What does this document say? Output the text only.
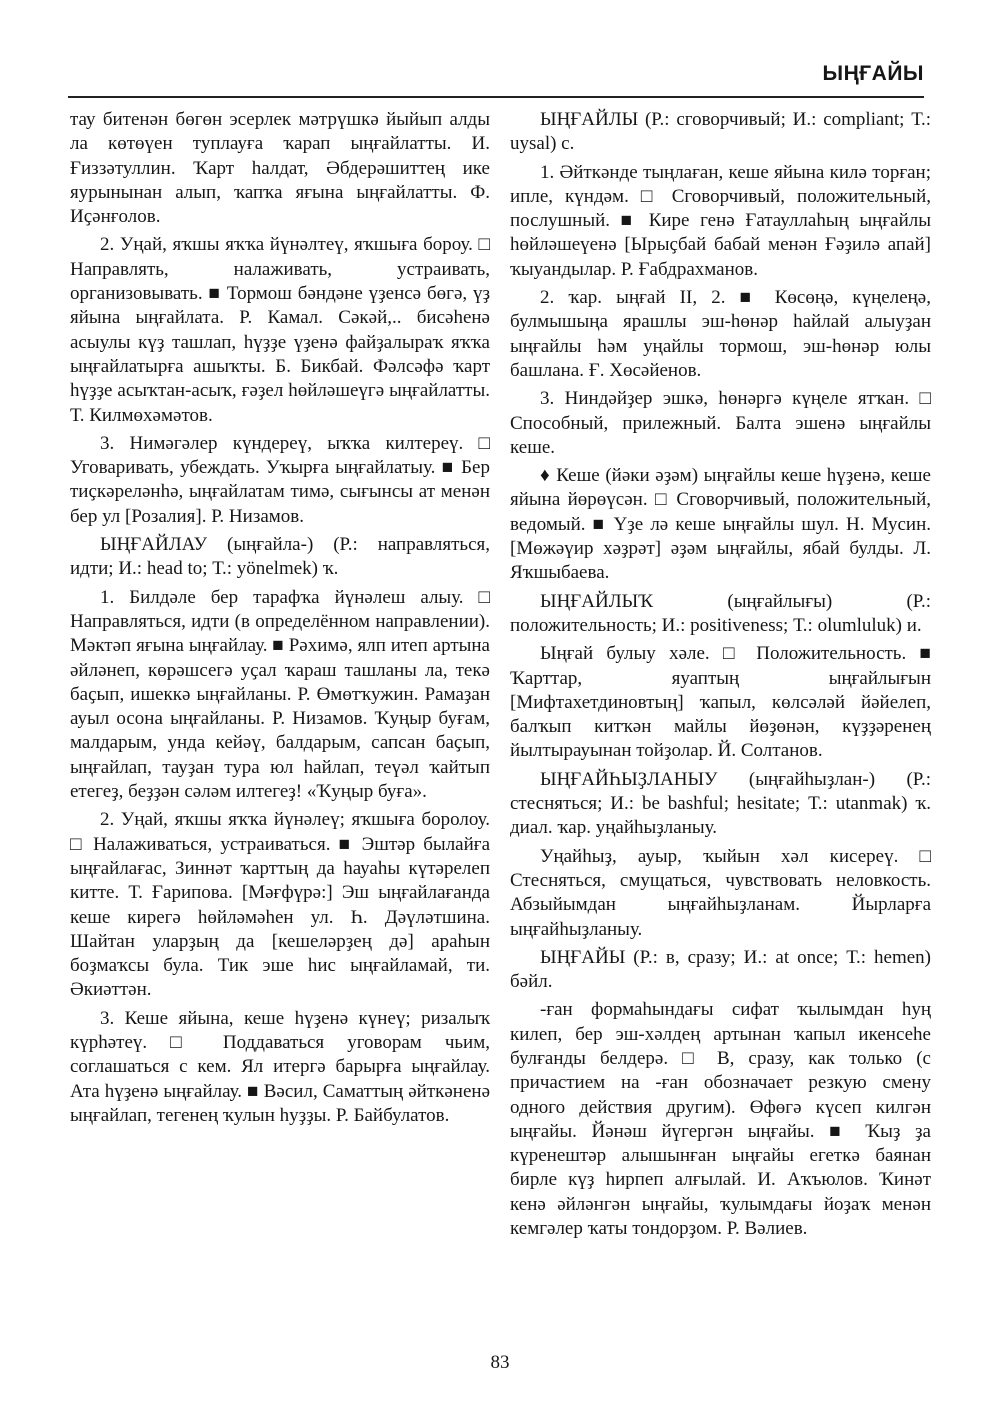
ЫҢҒАЙЫ

тау битенән бөгөн эсерлек мәтрүшкә йыйып алды ла көтөүен туплауға ҡарап ыңғайлатты. И. Ғиззәтуллин. Ҡарт һалдат, Әбдерәшиттең ике яурынынан алып, ҡапҡа яғына ыңғайлатты. Ф. Иҫәнғолов.

2. Уңай, яҡшы яҡҡа йүнәлтеү, яҡшыға бороу. □ Направлять, налаживать, устраивать, организовывать. ■ Тормош бәндәне үҙенсә бөгә, үҙ яйына ыңғайлата. Р. Камал. Сәкәй,.. бисәһенә асыулы күҙ ташлап, һүҙҙе үҙенә файҙалыраҡ яҡҡа ыңғайлатырға ашыҡты. Б. Бикбай. Фәлсәфә ҡарт һүҙҙе асыҡтан-асыҡ, ғәҙел һөйләшеүгә ыңғайлатты. Т. Килмөхәмәтов.

3. Нимәгәлер күндереү, ыҡҡа килтереү. □ Уговаривать, убеждать. Уҡырға ыңғайлатыу. ■ Бер тиҫкәреләнһә, ыңғайлатам тимә, сығынсы ат менән бер ул [Розалия]. Р. Низамов.

ЫҢҒАЙЛАУ (ыңғайла-) (Р.: направляться, идти; И.: head to; Т.: yönelmek) ҡ.

1. Билдәле бер тарафҡа йүнәлеш алыу. □ Направляться, идти (в определённом направлении). Мәктәп яғына ыңғайлау. ■ Рәхимә, ялп итеп артына әйләнеп, көрәшсегә уҫал ҡараш ташланы ла, текә баҫып, ишеккә ыңғайланы. Р. Өмөтҡужин. Рамаҙан ауыл осона ыңғайланы. Р. Низамов. Ҡуңыр буғам, малдарым, унда кейәү, балдарым, сапсан баҫып, ыңғайлап, тауҙан тура юл һайлап, теүәл ҡайтып етегеҙ, беҙҙән сәләм илтегеҙ! «Ҡуңыр буға».

2. Уңай, яҡшы яҡҡа йүнәлеү; яҡшыға боролоу. □ Налаживаться, устраиваться. ■ Эштәр былайға ыңғайлағас, Зиннәт ҡарттың да һауаһы күтәрелеп китте. Т. Ғарипова. [Мәғфүрә:] Эш ыңғайлағанда кеше кирегә һөйләмәһен ул. Һ. Дәүләтшина. Шайтан уларҙың да [кешеләрҙең дә] араһын боҙмаҡсы була. Тик эше һис ыңғайламай, ти. Әкиәттән.

3. Кеше яйына, кеше һүҙенә күнеү; ризалыҡ күрһәтеү. □ Поддаваться уговорам чьим, соглашаться с кем. Ял итергә барырға ыңғайлау. Ата һүҙенә ыңғайлау. ■ Вәсил, Саматтың әйткәненә ыңғайлап, тегенең ҡулын һуҙҙы. Р. Байбулатов.

ЫҢҒАЙЛЫ (Р.: сговорчивый; И.: compliant; Т.: uysal) с.

1. Әйткәнде тыңлаған, кеше яйына килә торған; ипле, күндәм. □ Сговорчивый, положительный, послушный. ■ Кире генә Ғатауллаһың ыңғайлы һөйләшеүенә [Ырыҫбай бабай менән Ғәҙилә апай] ҡыуандылар. Р. Ғабдрахманов.

2. ҡар. ыңғай II, 2. ■ Көсөңә, күңелеңә, булмышыңа ярашлы эш-һөнәр һайлай алыуҙан ыңғайлы һәм уңайлы тормош, эш-һөнәр юлы башлана. Ғ. Хөсәйенов.

3. Ниндәйҙер эшкә, һөнәргә күңеле ятҡан. □ Способный, прилежный. Балта эшенә ыңғайлы кеше.

♦ Кеше (йәки әҙәм) ыңғайлы кеше һүҙенә, кеше яйына йөрөүсән. □ Сговорчивый, положительный, ведомый. ■ Үҙе лә кеше ыңғайлы шул. Н. Мусин. [Мөжәүир хәҙрәт] әҙәм ыңғайлы, ябай булды. Л. Яҡшыбаева.

ЫҢҒАЙЛЫҠ (ыңғайлығы) (Р.: положительность; И.: positiveness; Т.: olumluluk) и.

Ыңғай булыу хәле. □ Положительность. ■ Ҡарттар, яуаптың ыңғайлығын [Мифтахетдиновтың] ҡапыл, көлсәләй йәйелеп, балҡып китҡән майлы йөҙөнән, күҙҙәренең йылтырауынан тойҙолар. Й. Солтанов.

ЫҢҒАЙҺЫҘЛАНЫУ (ыңғайһыҙлан-) (Р.: стесняться; И.: be bashful; hesitate; Т.: utanmak) ҡ. диал. ҡар. уңайһыҙланыу.

Уңайһыҙ, ауыр, ҡыйын хәл кисереү. □ Стесняться, смущаться, чувствовать неловкость. Абзыйымдан ыңғайһыҙланам. Йырларға ыңғайһыҙланыу.

ЫҢҒАЙЫ (Р.: в, сразу; И.: at once; Т.: hemen) бәйл.

-ған формаһындағы сифат ҡылымдан һуң килеп, бер эш-хәлдең артынан ҡапыл икенсеһе булғанды белдерә. □ В, сразу, как только (с причастием на -ған обозначает резкую смену одного действия другим). Өфөгә күсеп килгән ыңғайы. Йәнәш йүгергән ыңғайы. ■ Ҡыҙ ҙа күренештәр алышынған ыңғайы егеткә баянан бирле күҙ һирпеп алғылай. И. Аҡъюлов. Ҡинәт кенә әйләнгән ыңғайы, ҡулымдағы йоҙаҡ менән кемгәлер ҡаты тондорҙом. Р. Вәлиев.

83
